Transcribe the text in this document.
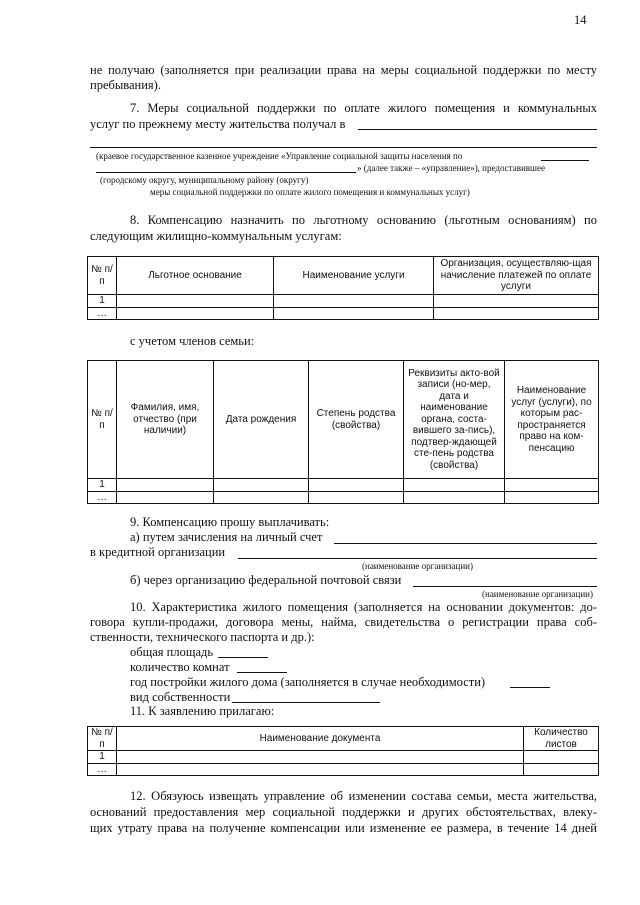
14
не получаю (заполняется при реализации права на меры социальной поддержки по месту
пребывания).
7. Меры социальной поддержки по оплате жилого помещения и коммунальных
услуг по прежнему месту жительства получал в
(краевое государственное казенное учреждение «Управление социальной защиты населения по
» (далее также – «управление»), предоставившее
(городскому округу, муниципальному району (округу)
меры социальной поддержки по оплате жилого помещения и коммунальных услуг)
8. Компенсацию назначить по льготному основанию (льготным основаниям) по
следующим жилищно-коммунальным услугам:
№ п/п	Льготное основание	Наименование услуги	Организация, осуществляю-щая начисление платежей по оплате услуги
1			
…			
с учетом членов семьи:
№ п/п	Фамилия, имя, отчество (при наличии)	Дата рождения	Степень родства (свойства)	Реквизиты акто-вой записи (но-мер, дата и наименование органа, соста-вившего за-пись), подтвер-ждающей сте-пень родства (свойства)	Наименование услуг (услуги), по которым рас-пространяется право на ком-пенсацию
1					
…					
9. Компенсацию прошу выплачивать:
а) путем зачисления на личный счет
в кредитной организации
(наименование организации)
б) через организацию федеральной почтовой связи
(наименование организации)
10. Характеристика жилого помещения (заполняется на основании документов: до-
говора купли-продажи, договора мены, найма, свидетельства о регистрации права соб-
ственности, технического паспорта и др.):
общая площадь
количество комнат
год постройки жилого дома (заполняется в случае необходимости)
вид собственности
11. К заявлению прилагаю:
№ п/п	Наименование документа	Количество листов
1		
…		
12. Обязуюсь извещать управление об изменении состава семьи, места жительства,
оснований предоставления мер социальной поддержки и других обстоятельствах, влеку-
щих утрату права на получение компенсации или изменение ее размера, в течение 14 дней
